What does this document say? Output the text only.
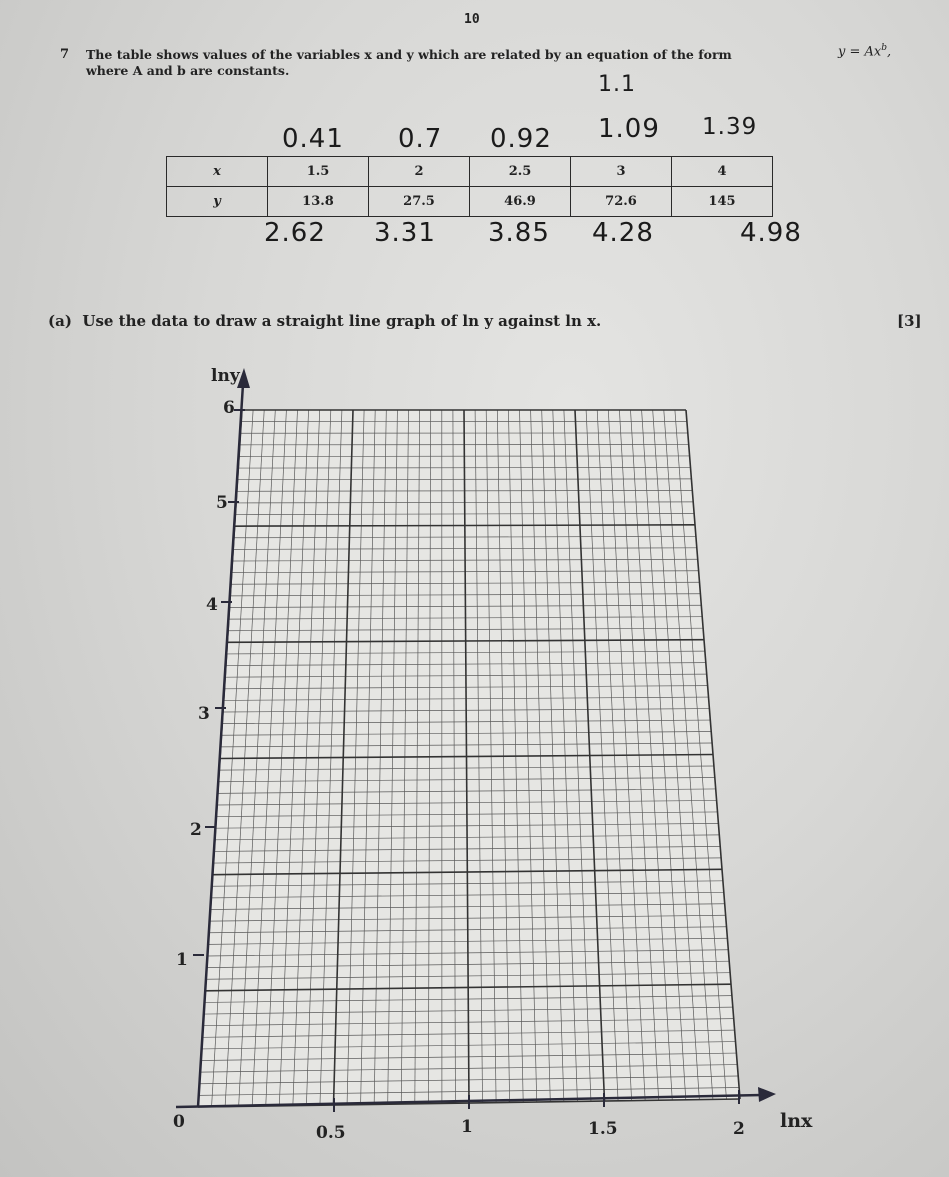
10
7 The table shows values of the variables x and y which are related by an equation of the form	$y = Ax^b$,
where A and b are constants.
1.1
0.41 0.7 0.92 1.09 1.39
x	1.5	2	2.5	3	4
y	13.8	27.5	46.9	72.6	145
2.62 3.31 3.85 4.28	4.98
(a) Use the data to draw a straight line graph of ln y against ln x.	[3]
lny
lnx
0
0.5	1	1.5	2
1
2
3
4
5
6
